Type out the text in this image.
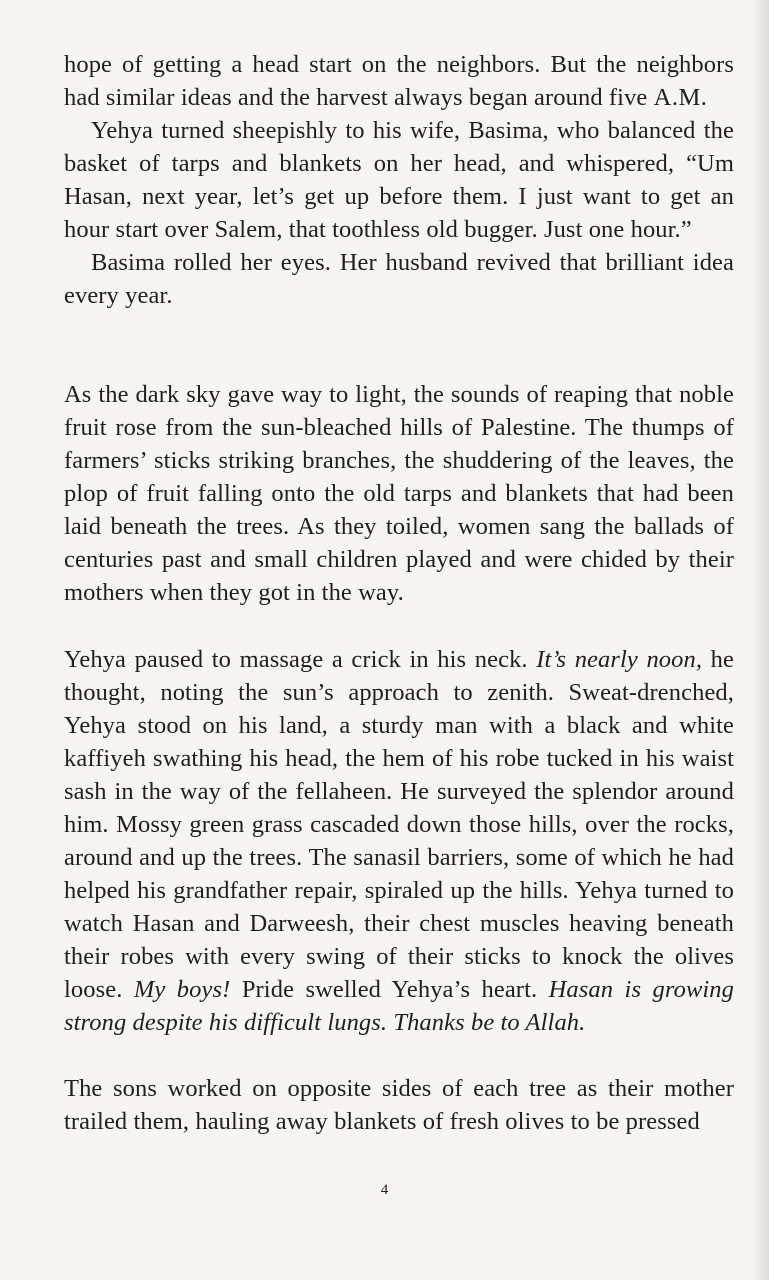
hope of getting a head start on the neighbors. But the neighbors had similar ideas and the harvest always began around five A.M.

Yehya turned sheepishly to his wife, Basima, who balanced the basket of tarps and blankets on her head, and whispered, “Um Hasan, next year, let’s get up before them. I just want to get an hour start over Salem, that toothless old bugger. Just one hour.”

Basima rolled her eyes. Her husband revived that brilliant idea every year.

As the dark sky gave way to light, the sounds of reaping that noble fruit rose from the sun-bleached hills of Palestine. The thumps of farmers’ sticks striking branches, the shuddering of the leaves, the plop of fruit falling onto the old tarps and blankets that had been laid beneath the trees. As they toiled, women sang the ballads of centuries past and small children played and were chided by their mothers when they got in the way.

Yehya paused to massage a crick in his neck. It’s nearly noon, he thought, noting the sun’s approach to zenith. Sweat-drenched, Yehya stood on his land, a sturdy man with a black and white kaffiyeh swathing his head, the hem of his robe tucked in his waist sash in the way of the fellaheen. He surveyed the splendor around him. Mossy green grass cascaded down those hills, over the rocks, around and up the trees. The sanasil barriers, some of which he had helped his grandfather repair, spiraled up the hills. Yehya turned to watch Hasan and Darweesh, their chest muscles heaving beneath their robes with every swing of their sticks to knock the olives loose. My boys! Pride swelled Yehya’s heart. Hasan is growing strong despite his difficult lungs. Thanks be to Allah.

The sons worked on opposite sides of each tree as their mother trailed them, hauling away blankets of fresh olives to be pressed

4
